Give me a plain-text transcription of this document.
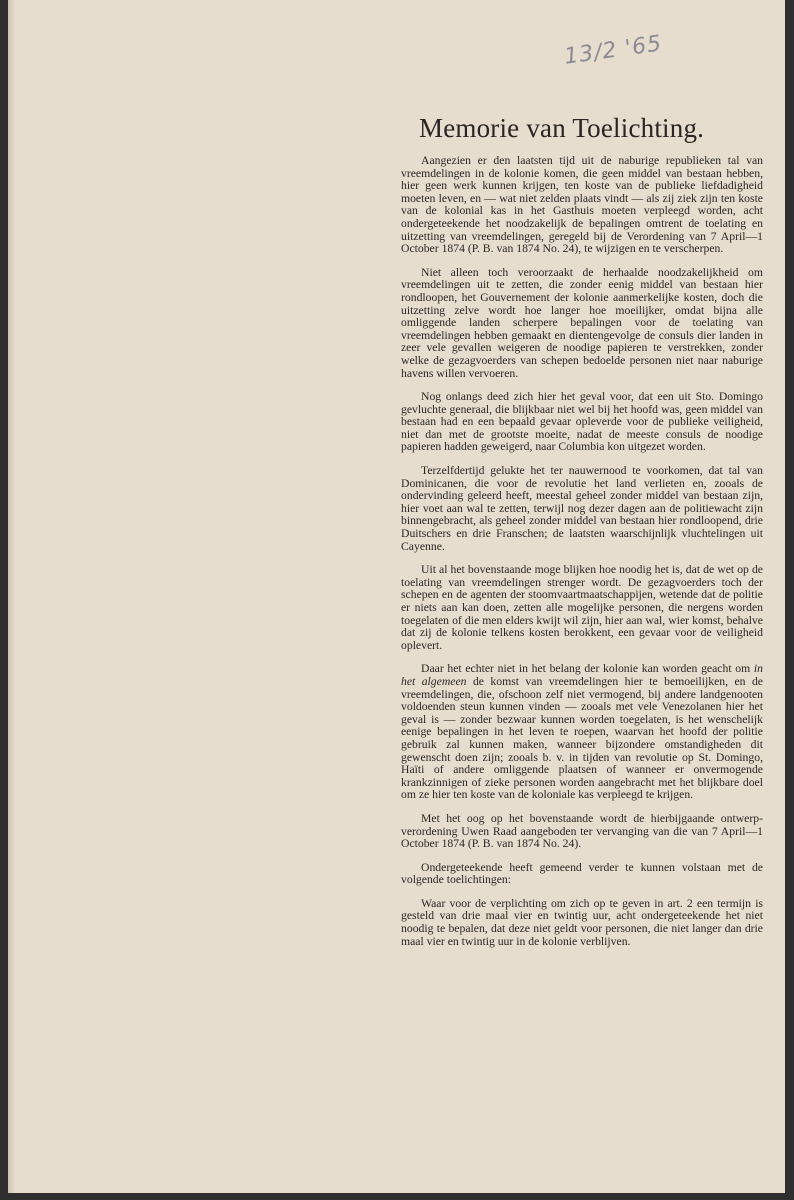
13/2 '65
Memorie van Toelichting.

Aangezien er den laatsten tijd uit de naburige republieken tal van vreemdelingen in de kolonie komen, die geen middel van bestaan hebben, hier geen werk kunnen krijgen, ten koste van de publieke liefdadigheid moeten leven, en — wat niet zelden plaats vindt — als zij ziek zijn ten koste van de kolonial kas in het Gasthuis moeten verpleegd worden, acht ondergeteekende het noodzakelijk de bepalingen omtrent de toelating en uitzetting van vreemdelingen, geregeld bij de Verordening van 7 April—1 October 1874 (P. B. van 1874 No. 24), te wijzigen en te verscherpen.

Niet alleen toch veroorzaakt de herhaalde noodzakelijkheid om vreemdelingen uit te zetten, die zonder eenig middel van bestaan hier rondloopen, het Gouvernement der kolonie aanmerkelijke kosten, doch die uitzetting zelve wordt hoe langer hoe moeilijker, omdat bijna alle omliggende landen scherpere bepalingen voor de toelating van vreemdelingen hebben gemaakt en dientengevolge de consuls dier landen in zeer vele gevallen weigeren de noodige papieren te verstrekken, zonder welke de gezagvoerders van schepen bedoelde personen niet naar naburige havens willen vervoeren.

Nog onlangs deed zich hier het geval voor, dat een uit Sto. Domingo gevluchte generaal, die blijkbaar niet wel bij het hoofd was, geen middel van bestaan had en een bepaald gevaar opleverde voor de publieke veiligheid, niet dan met de grootste moeite, nadat de meeste consuls de noodige papieren hadden geweigerd, naar Columbia kon uitgezet worden.

Terzelfdertijd gelukte het ter nauwernood te voorkomen, dat tal van Dominicanen, die voor de revolutie het land verlieten en, zooals de ondervinding geleerd heeft, meestal geheel zonder middel van bestaan zijn, hier voet aan wal te zetten, terwijl nog dezer dagen aan de politiewacht zijn binnengebracht, als geheel zonder middel van bestaan hier rondloopend, drie Duitschers en drie Franschen; de laatsten waarschijnlijk vluchtelingen uit Cayenne.

Uit al het bovenstaande moge blijken hoe noodig het is, dat de wet op de toelating van vreemdelingen strenger wordt. De gezagvoerders toch der schepen en de agenten der stoomvaartmaatschappijen, wetende dat de politie er niets aan kan doen, zetten alle mogelijke personen, die nergens worden toegelaten of die men elders kwijt wil zijn, hier aan wal, wier komst, behalve dat zij de kolonie telkens kosten berokkent, een gevaar voor de veiligheid oplevert.

Daar het echter niet in het belang der kolonie kan worden geacht om in het algemeen de komst van vreemdelingen hier te bemoeilijken, en de vreemdelingen, die, ofschoon zelf niet vermogend, bij andere landgenooten voldoenden steun kunnen vinden — zooals met vele Venezolanen hier het geval is — zonder bezwaar kunnen worden toegelaten, is het wenschelijk eenige bepalingen in het leven te roepen, waarvan het hoofd der politie gebruik zal kunnen maken, wanneer bijzondere omstandigheden dit gewenscht doen zijn; zooals b. v. in tijden van revolutie op St. Domingo, Haïti of andere omliggende plaatsen of wanneer er onvermogende krankzinnigen of zieke personen worden aangebracht met het blijkbare doel om ze hier ten koste van de koloniale kas verpleegd te krijgen.

Met het oog op het bovenstaande wordt de hierbijgaande ontwerp-verordening Uwen Raad aangeboden ter vervanging van die van 7 April—1 October 1874 (P. B. van 1874 No. 24).

Ondergeteekende heeft gemeend verder te kunnen volstaan met de volgende toelichtingen:

Waar voor de verplichting om zich op te geven in art. 2 een termijn is gesteld van drie maal vier en twintig uur, acht ondergeteekende het niet noodig te bepalen, dat deze niet geldt voor personen, die niet langer dan drie maal vier en twintig uur in de kolonie verblijven.
